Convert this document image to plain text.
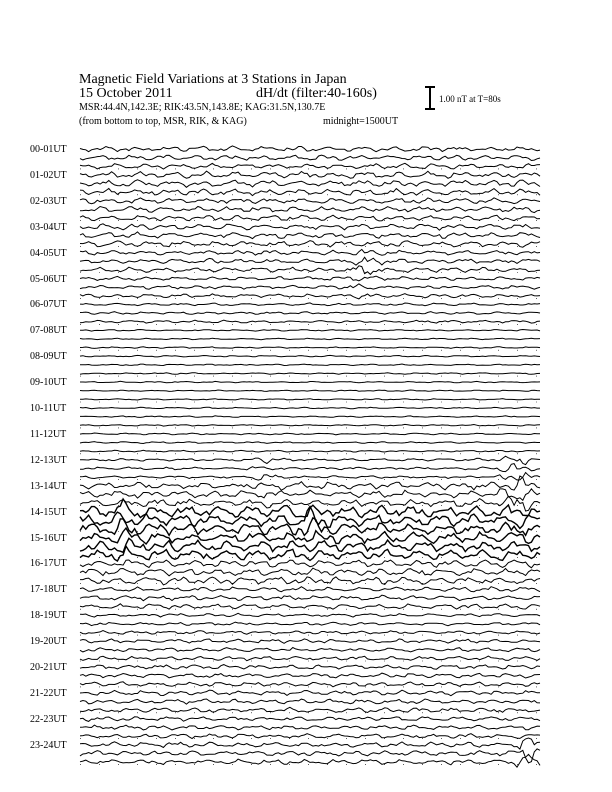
Magnetic Field Variations at 3 Stations in Japan
15 October 2011	dH/dt (filter:40-160s)
MSR:44.4N,142.3E; RIK:43.5N,143.8E; KAG:31.5N,130.7E
(from bottom to top, MSR, RIK, & KAG)	midnight=1500UT
1.00 nT at T=80s
00-01UT
01-02UT
02-03UT
03-04UT
04-05UT
05-06UT
06-07UT
07-08UT
08-09UT
09-10UT
10-11UT
11-12UT
12-13UT
13-14UT
14-15UT
15-16UT
16-17UT
17-18UT
18-19UT
19-20UT
20-21UT
21-22UT
22-23UT
23-24UT
